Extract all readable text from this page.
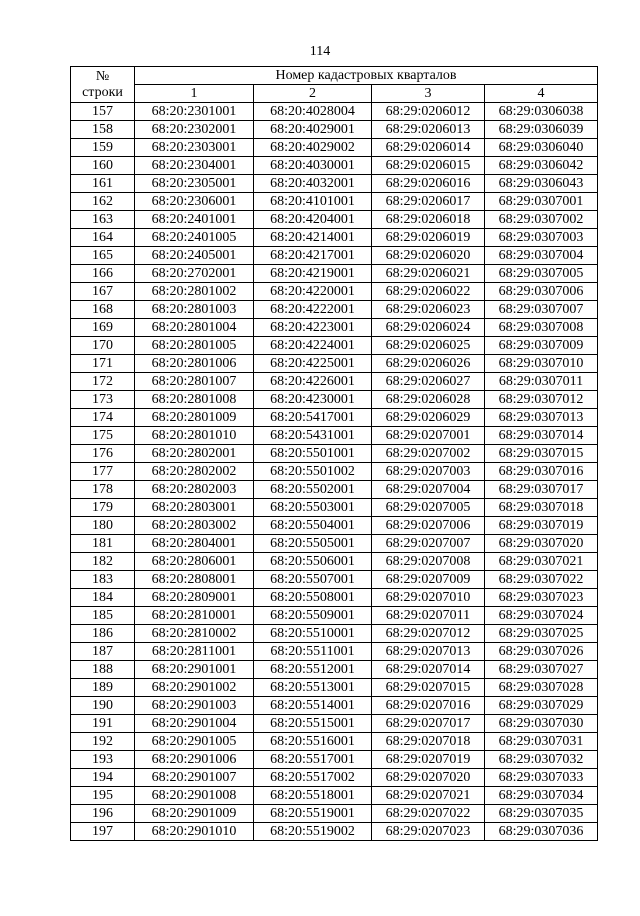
114
№
строки	Номер кадастровых кварталов			
	1	2	3	4
157	68:20:2301001	68:20:4028004	68:29:0206012	68:29:0306038
158	68:20:2302001	68:20:4029001	68:29:0206013	68:29:0306039
159	68:20:2303001	68:20:4029002	68:29:0206014	68:29:0306040
160	68:20:2304001	68:20:4030001	68:29:0206015	68:29:0306042
161	68:20:2305001	68:20:4032001	68:29:0206016	68:29:0306043
162	68:20:2306001	68:20:4101001	68:29:0206017	68:29:0307001
163	68:20:2401001	68:20:4204001	68:29:0206018	68:29:0307002
164	68:20:2401005	68:20:4214001	68:29:0206019	68:29:0307003
165	68:20:2405001	68:20:4217001	68:29:0206020	68:29:0307004
166	68:20:2702001	68:20:4219001	68:29:0206021	68:29:0307005
167	68:20:2801002	68:20:4220001	68:29:0206022	68:29:0307006
168	68:20:2801003	68:20:4222001	68:29:0206023	68:29:0307007
169	68:20:2801004	68:20:4223001	68:29:0206024	68:29:0307008
170	68:20:2801005	68:20:4224001	68:29:0206025	68:29:0307009
171	68:20:2801006	68:20:4225001	68:29:0206026	68:29:0307010
172	68:20:2801007	68:20:4226001	68:29:0206027	68:29:0307011
173	68:20:2801008	68:20:4230001	68:29:0206028	68:29:0307012
174	68:20:2801009	68:20:5417001	68:29:0206029	68:29:0307013
175	68:20:2801010	68:20:5431001	68:29:0207001	68:29:0307014
176	68:20:2802001	68:20:5501001	68:29:0207002	68:29:0307015
177	68:20:2802002	68:20:5501002	68:29:0207003	68:29:0307016
178	68:20:2802003	68:20:5502001	68:29:0207004	68:29:0307017
179	68:20:2803001	68:20:5503001	68:29:0207005	68:29:0307018
180	68:20:2803002	68:20:5504001	68:29:0207006	68:29:0307019
181	68:20:2804001	68:20:5505001	68:29:0207007	68:29:0307020
182	68:20:2806001	68:20:5506001	68:29:0207008	68:29:0307021
183	68:20:2808001	68:20:5507001	68:29:0207009	68:29:0307022
184	68:20:2809001	68:20:5508001	68:29:0207010	68:29:0307023
185	68:20:2810001	68:20:5509001	68:29:0207011	68:29:0307024
186	68:20:2810002	68:20:5510001	68:29:0207012	68:29:0307025
187	68:20:2811001	68:20:5511001	68:29:0207013	68:29:0307026
188	68:20:2901001	68:20:5512001	68:29:0207014	68:29:0307027
189	68:20:2901002	68:20:5513001	68:29:0207015	68:29:0307028
190	68:20:2901003	68:20:5514001	68:29:0207016	68:29:0307029
191	68:20:2901004	68:20:5515001	68:29:0207017	68:29:0307030
192	68:20:2901005	68:20:5516001	68:29:0207018	68:29:0307031
193	68:20:2901006	68:20:5517001	68:29:0207019	68:29:0307032
194	68:20:2901007	68:20:5517002	68:29:0207020	68:29:0307033
195	68:20:2901008	68:20:5518001	68:29:0207021	68:29:0307034
196	68:20:2901009	68:20:5519001	68:29:0207022	68:29:0307035
197	68:20:2901010	68:20:5519002	68:29:0207023	68:29:0307036
